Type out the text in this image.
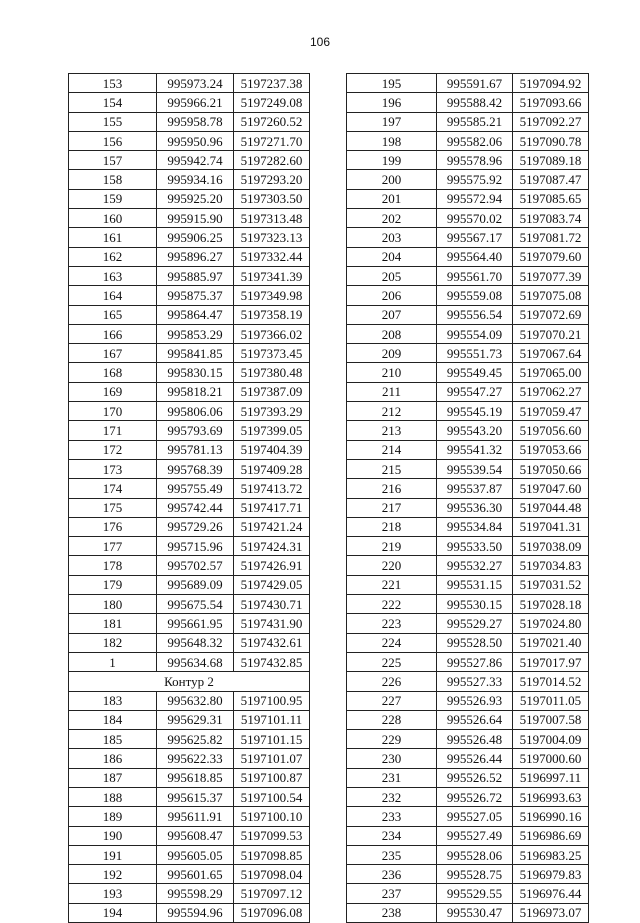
106
153	995973.24	5197237.38
154	995966.21	5197249.08
155	995958.78	5197260.52
156	995950.96	5197271.70
157	995942.74	5197282.60
158	995934.16	5197293.20
159	995925.20	5197303.50
160	995915.90	5197313.48
161	995906.25	5197323.13
162	995896.27	5197332.44
163	995885.97	5197341.39
164	995875.37	5197349.98
165	995864.47	5197358.19
166	995853.29	5197366.02
167	995841.85	5197373.45
168	995830.15	5197380.48
169	995818.21	5197387.09
170	995806.06	5197393.29
171	995793.69	5197399.05
172	995781.13	5197404.39
173	995768.39	5197409.28
174	995755.49	5197413.72
175	995742.44	5197417.71
176	995729.26	5197421.24
177	995715.96	5197424.31
178	995702.57	5197426.91
179	995689.09	5197429.05
180	995675.54	5197430.71
181	995661.95	5197431.90
182	995648.32	5197432.61
1	995634.68	5197432.85
Контур 2		
183	995632.80	5197100.95
184	995629.31	5197101.11
185	995625.82	5197101.15
186	995622.33	5197101.07
187	995618.85	5197100.87
188	995615.37	5197100.54
189	995611.91	5197100.10
190	995608.47	5197099.53
191	995605.05	5197098.85
192	995601.65	5197098.04
193	995598.29	5197097.12
194	995594.96	5197096.08
195	995591.67	5197094.92
196	995588.42	5197093.66
197	995585.21	5197092.27
198	995582.06	5197090.78
199	995578.96	5197089.18
200	995575.92	5197087.47
201	995572.94	5197085.65
202	995570.02	5197083.74
203	995567.17	5197081.72
204	995564.40	5197079.60
205	995561.70	5197077.39
206	995559.08	5197075.08
207	995556.54	5197072.69
208	995554.09	5197070.21
209	995551.73	5197067.64
210	995549.45	5197065.00
211	995547.27	5197062.27
212	995545.19	5197059.47
213	995543.20	5197056.60
214	995541.32	5197053.66
215	995539.54	5197050.66
216	995537.87	5197047.60
217	995536.30	5197044.48
218	995534.84	5197041.31
219	995533.50	5197038.09
220	995532.27	5197034.83
221	995531.15	5197031.52
222	995530.15	5197028.18
223	995529.27	5197024.80
224	995528.50	5197021.40
225	995527.86	5197017.97
226	995527.33	5197014.52
227	995526.93	5197011.05
228	995526.64	5197007.58
229	995526.48	5197004.09
230	995526.44	5197000.60
231	995526.52	5196997.11
232	995526.72	5196993.63
233	995527.05	5196990.16
234	995527.49	5196986.69
235	995528.06	5196983.25
236	995528.75	5196979.83
237	995529.55	5196976.44
238	995530.47	5196973.07
